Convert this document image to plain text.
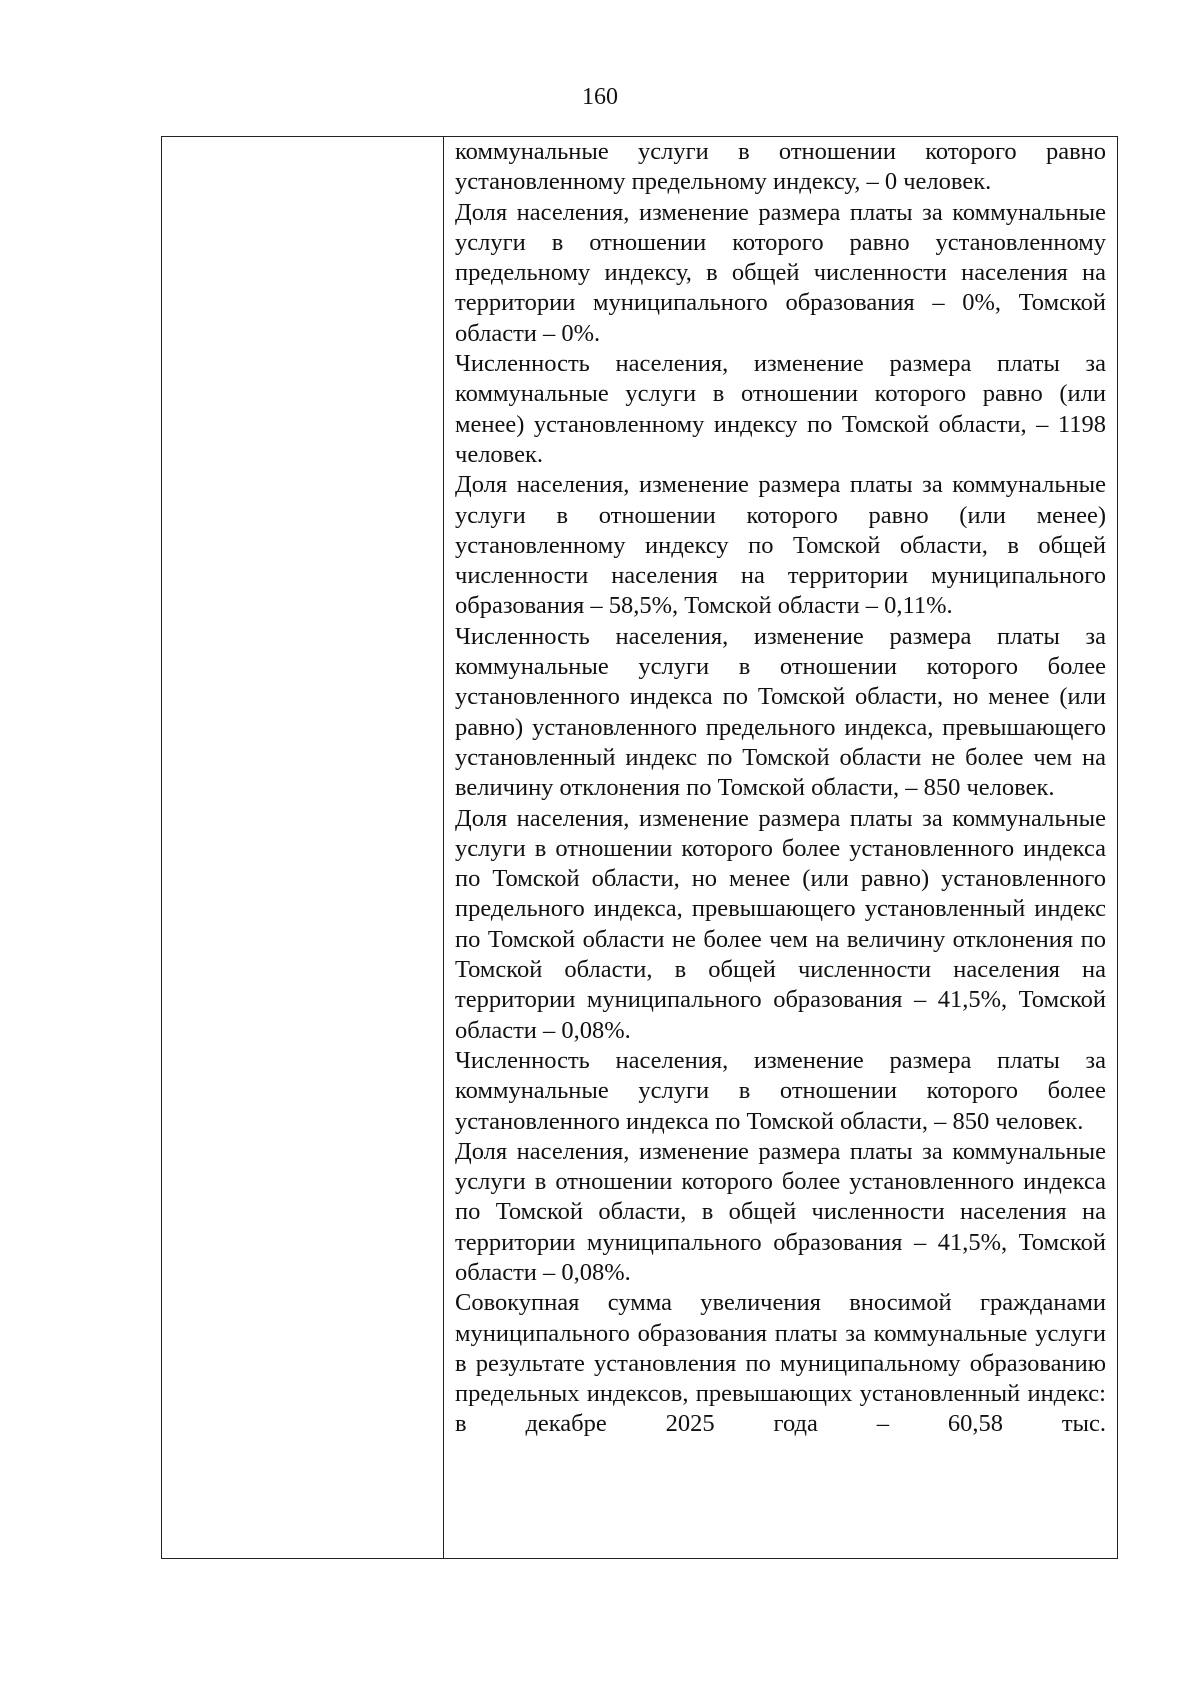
160

коммунальные услуги в отношении которого равно установленному предельному индексу, – 0 человек.

Доля населения, изменение размера платы за коммунальные услуги в отношении которого равно установленному предельному индексу, в общей численности населения на территории муниципального образования – 0%, Томской области – 0%.

Численность населения, изменение размера платы за коммунальные услуги в отношении которого равно (или менее) установленному индексу по Томской области, – 1198 человек.

Доля населения, изменение размера платы за коммунальные услуги в отношении которого равно (или менее) установленному индексу по Томской области, в общей численности населения на территории муниципального образования – 58,5%, Томской области – 0,11%.

Численность населения, изменение размера платы за коммунальные услуги в отношении которого более установленного индекса по Томской области, но менее (или равно) установленного предельного индекса, превышающего установленный индекс по Томской области не более чем на величину отклонения по Томской области, – 850 человек.

Доля населения, изменение размера платы за коммунальные услуги в отношении которого более установленного индекса по Томской области, но менее (или равно) установленного предельного индекса, превышающего установленный индекс по Томской области не более чем на величину отклонения по Томской области, в общей численности населения на территории муниципального образования – 41,5%, Томской области – 0,08%.

Численность населения, изменение размера платы за коммунальные услуги в отношении которого более установленного индекса по Томской области, – 850 человек.

Доля населения, изменение размера платы за коммунальные услуги в отношении которого более установленного индекса по Томской области, в общей численности населения на территории муниципального образования – 41,5%, Томской области – 0,08%.

Совокупная сумма увеличения вносимой гражданами муниципального образования платы за коммунальные услуги в результате установления по муниципальному образованию предельных индексов, превышающих установленный индекс: в декабре 2025 года – 60,58 тыс.
